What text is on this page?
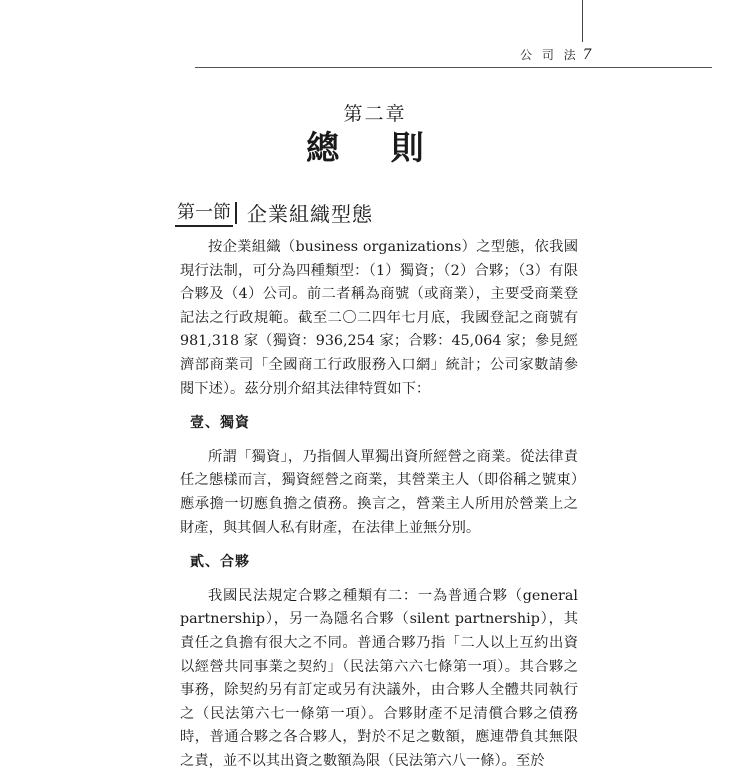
公 司 法 7
第二章
總 則
第一節 企業組織型態

按企業組織（business organizations）之型態，依我國現行法制，可分為四種類型：（1）獨資；（2）合夥；（3）有限合夥及（4）公司。前二者稱為商號（或商業），主要受商業登記法之行政規範。截至二〇二四年七月底，我國登記之商號有 981,318 家（獨資：936,254 家；合夥：45,064 家；參見經濟部商業司「全國商工行政服務入口網」統計；公司家數請參閱下述）。茲分別介紹其法律特質如下：

壹、獨資

所謂「獨資」，乃指個人單獨出資所經營之商業。從法律責任之態樣而言，獨資經營之商業，其營業主人（即俗稱之號東）應承擔一切應負擔之債務。換言之，營業主人所用於營業上之財產，與其個人私有財產，在法律上並無分別。

貳、合夥

我國民法規定合夥之種類有二：一為普通合夥（general partnership），另一為隱名合夥（silent partnership），其責任之負擔有很大之不同。普通合夥乃指「二人以上互約出資以經營共同事業之契約」（民法第六六七條第一項）。其合夥之事務，除契約另有訂定或另有決議外，由合夥人全體共同執行之（民法第六七一條第一項）。合夥財產不足清償合夥之債務時，普通合夥之各合夥人，對於不足之數額，應連帶負其無限之責，並不以其出資之數額為限（民法第六八一條）。至於
